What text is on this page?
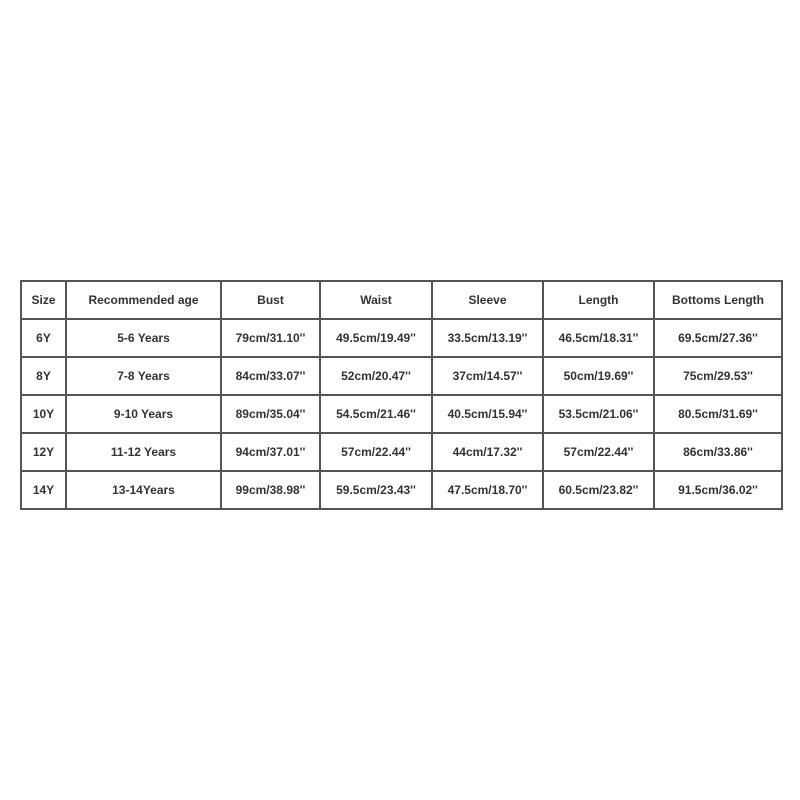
Size	Recommended age	Bust	Waist	Sleeve	Length	Bottoms Length
6Y	5-6 Years	79cm/31.10''	49.5cm/19.49''	33.5cm/13.19''	46.5cm/18.31''	69.5cm/27.36''
8Y	7-8 Years	84cm/33.07''	52cm/20.47''	37cm/14.57''	50cm/19.69''	75cm/29.53''
10Y	9-10 Years	89cm/35.04''	54.5cm/21.46''	40.5cm/15.94''	53.5cm/21.06''	80.5cm/31.69''
12Y	11-12 Years	94cm/37.01''	57cm/22.44''	44cm/17.32''	57cm/22.44''	86cm/33.86''
14Y	13-14Years	99cm/38.98''	59.5cm/23.43''	47.5cm/18.70''	60.5cm/23.82''	91.5cm/36.02''
